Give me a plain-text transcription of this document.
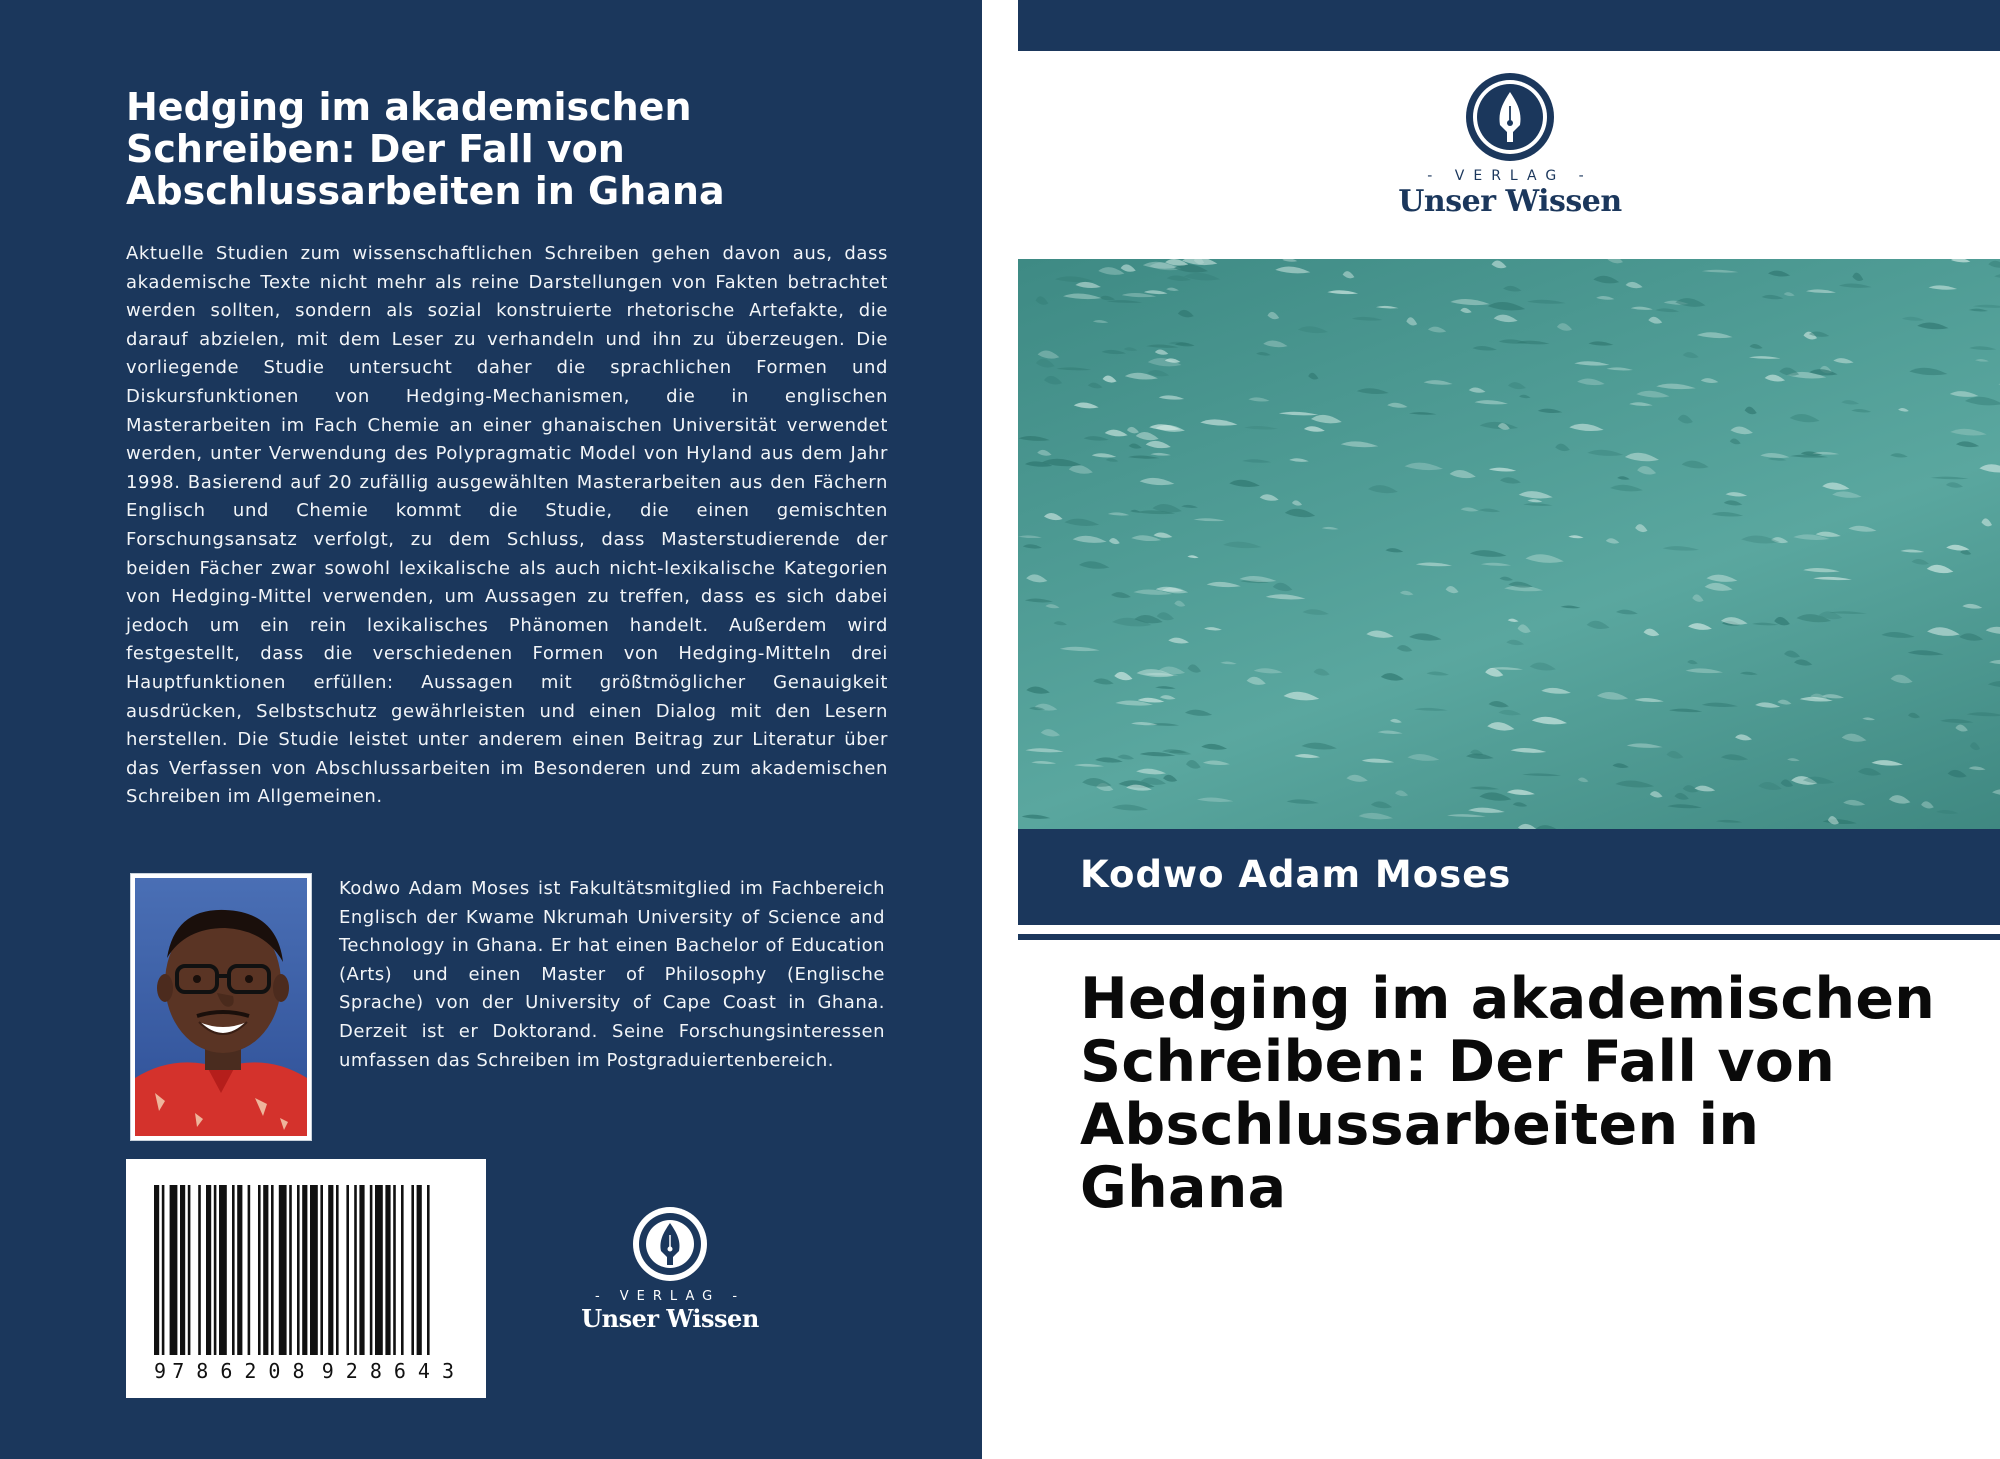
Hedging im akademischen Schreiben: Der Fall von Abschlussarbeiten in Ghana

Aktuelle Studien zum wissenschaftlichen Schreiben gehen davon aus, dass akademische Texte nicht mehr als reine Darstellungen von Fakten betrachtet werden sollten, sondern als sozial konstruierte rhetorische Artefakte, die darauf abzielen, mit dem Leser zu verhandeln und ihn zu überzeugen. Die vorliegende Studie untersucht daher die sprachlichen Formen und Diskursfunktionen von Hedging-Mechanismen, die in englischen Masterarbeiten im Fach Chemie an einer ghanaischen Universität verwendet werden, unter Verwendung des Polypragmatic Model von Hyland aus dem Jahr 1998. Basierend auf 20 zufällig ausgewählten Masterarbeiten aus den Fächern Englisch und Chemie kommt die Studie, die einen gemischten Forschungsansatz verfolgt, zu dem Schluss, dass Masterstudierende der beiden Fächer zwar sowohl lexikalische als auch nicht-lexikalische Kategorien von Hedging-Mittel verwenden, um Aussagen zu treffen, dass es sich dabei jedoch um ein rein lexikalisches Phänomen handelt. Außerdem wird festgestellt, dass die verschiedenen Formen von Hedging-Mitteln drei Hauptfunktionen erfüllen: Aussagen mit größtmöglicher Genauigkeit ausdrücken, Selbstschutz gewährleisten und einen Dialog mit den Lesern herstellen. Die Studie leistet unter anderem einen Beitrag zur Literatur über das Verfassen von Abschlussarbeiten im Besonderen und zum akademischen Schreiben im Allgemeinen.

Kodwo Adam Moses ist Fakultätsmitglied im Fachbereich Englisch der Kwame Nkrumah University of Science and Technology in Ghana. Er hat einen Bachelor of Education (Arts) und einen Master of Philosophy (Englische Sprache) von der University of Cape Coast in Ghana. Derzeit ist er Doktorand. Seine Forschungsinteressen umfassen das Schreiben im Postgraduiertenbereich.

9 786208 928643
- VERLAG -
Unser Wissen
- VERLAG -
Unser Wissen
Kodwo Adam Moses
Hedging im akademischen Schreiben: Der Fall von Abschlussarbeiten in Ghana
